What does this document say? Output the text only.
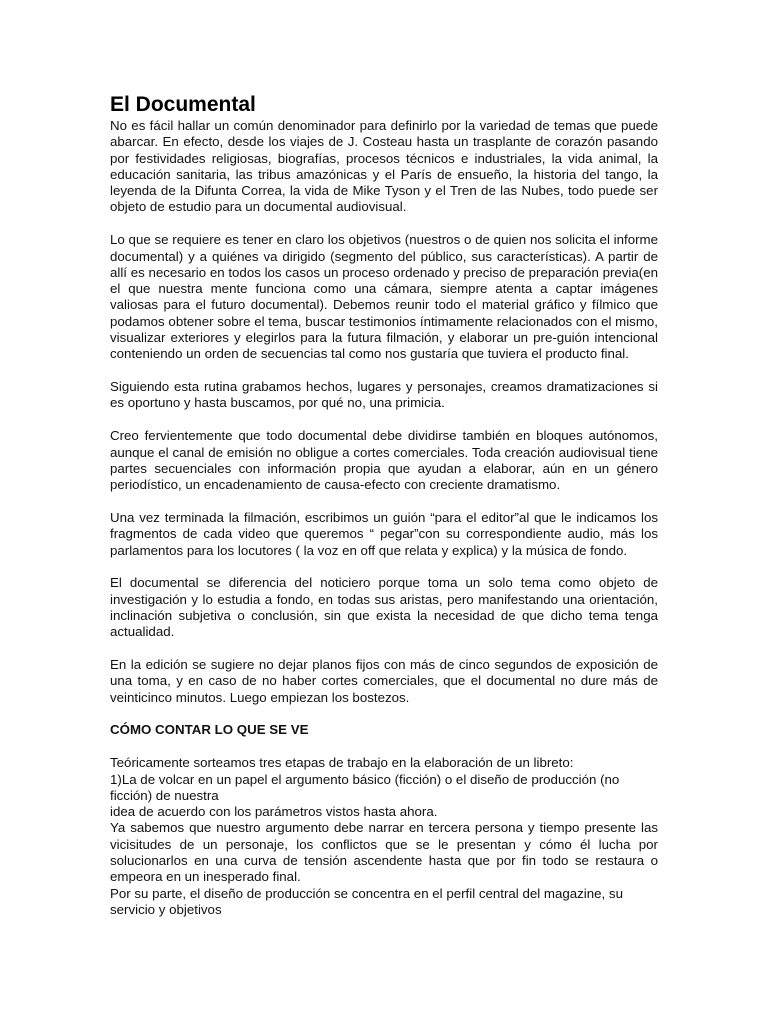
El Documental

No es fácil hallar un común denominador para definirlo por la variedad de temas que puede abarcar. En efecto, desde los viajes de J. Costeau hasta un trasplante de corazón pasando por festividades religiosas, biografías, procesos técnicos e industriales, la vida animal, la educación sanitaria, las tribus amazónicas y el París de ensueño, la historia del tango, la leyenda de la Difunta Correa, la vida de Mike Tyson y el Tren de las Nubes, todo puede ser objeto de estudio para un documental audiovisual.

Lo que se requiere es tener en claro los objetivos (nuestros o de quien nos solicita el informe documental) y a quiénes va dirigido (segmento del público, sus características). A partir de allí es necesario en todos los casos un proceso ordenado y preciso de preparación previa(en el que nuestra mente funciona como una cámara, siempre atenta a captar imágenes valiosas para el futuro documental). Debemos reunir todo el material gráfico y fílmico que podamos obtener sobre el tema, buscar testimonios íntimamente relacionados con el mismo, visualizar exteriores y elegirlos para la futura filmación, y elaborar un pre-guión intencional conteniendo un orden de secuencias tal como nos gustaría que tuviera el producto final.

Siguiendo esta rutina grabamos hechos, lugares y personajes, creamos dramatizaciones si es oportuno y hasta buscamos, por qué no, una primicia.

Creo fervientemente que todo documental debe dividirse también en bloques autónomos, aunque el canal de emisión no obligue a cortes comerciales. Toda creación audiovisual tiene partes secuenciales con información propia que ayudan a elaborar, aún en un género periodístico, un encadenamiento de causa-efecto con creciente dramatismo.

Una vez terminada la filmación, escribimos un guión “para el editor”al que le indicamos los fragmentos de cada video que queremos “ pegar”con su correspondiente audio, más los parlamentos para los locutores ( la voz en off que relata y explica) y la música de fondo.

El documental se diferencia del noticiero porque toma un solo tema como objeto de investigación y lo estudia a fondo, en todas sus aristas, pero manifestando una orientación, inclinación subjetiva o conclusión, sin que exista la necesidad de que dicho tema tenga actualidad.

En la edición se sugiere no dejar planos fijos con más de cinco segundos de exposición de una toma, y en caso de no haber cortes comerciales, que el documental no dure más de veinticinco minutos. Luego empiezan los bostezos.

CÓMO CONTAR LO QUE SE VE

Teóricamente sorteamos tres etapas de trabajo en la elaboración de un libreto:

1)La de volcar en un papel el argumento básico (ficción) o el diseño de producción (no ficción) de nuestra

idea de acuerdo con los parámetros vistos hasta ahora.

Ya sabemos que nuestro argumento debe narrar en tercera persona y tiempo presente las vicisitudes de un personaje, los conflictos que se le presentan y cómo él lucha por solucionarlos en una curva de tensión ascendente hasta que por fin todo se restaura o empeora en un inesperado final.

Por su parte, el diseño de producción se concentra en el perfil central del magazine, su servicio y objetivos
